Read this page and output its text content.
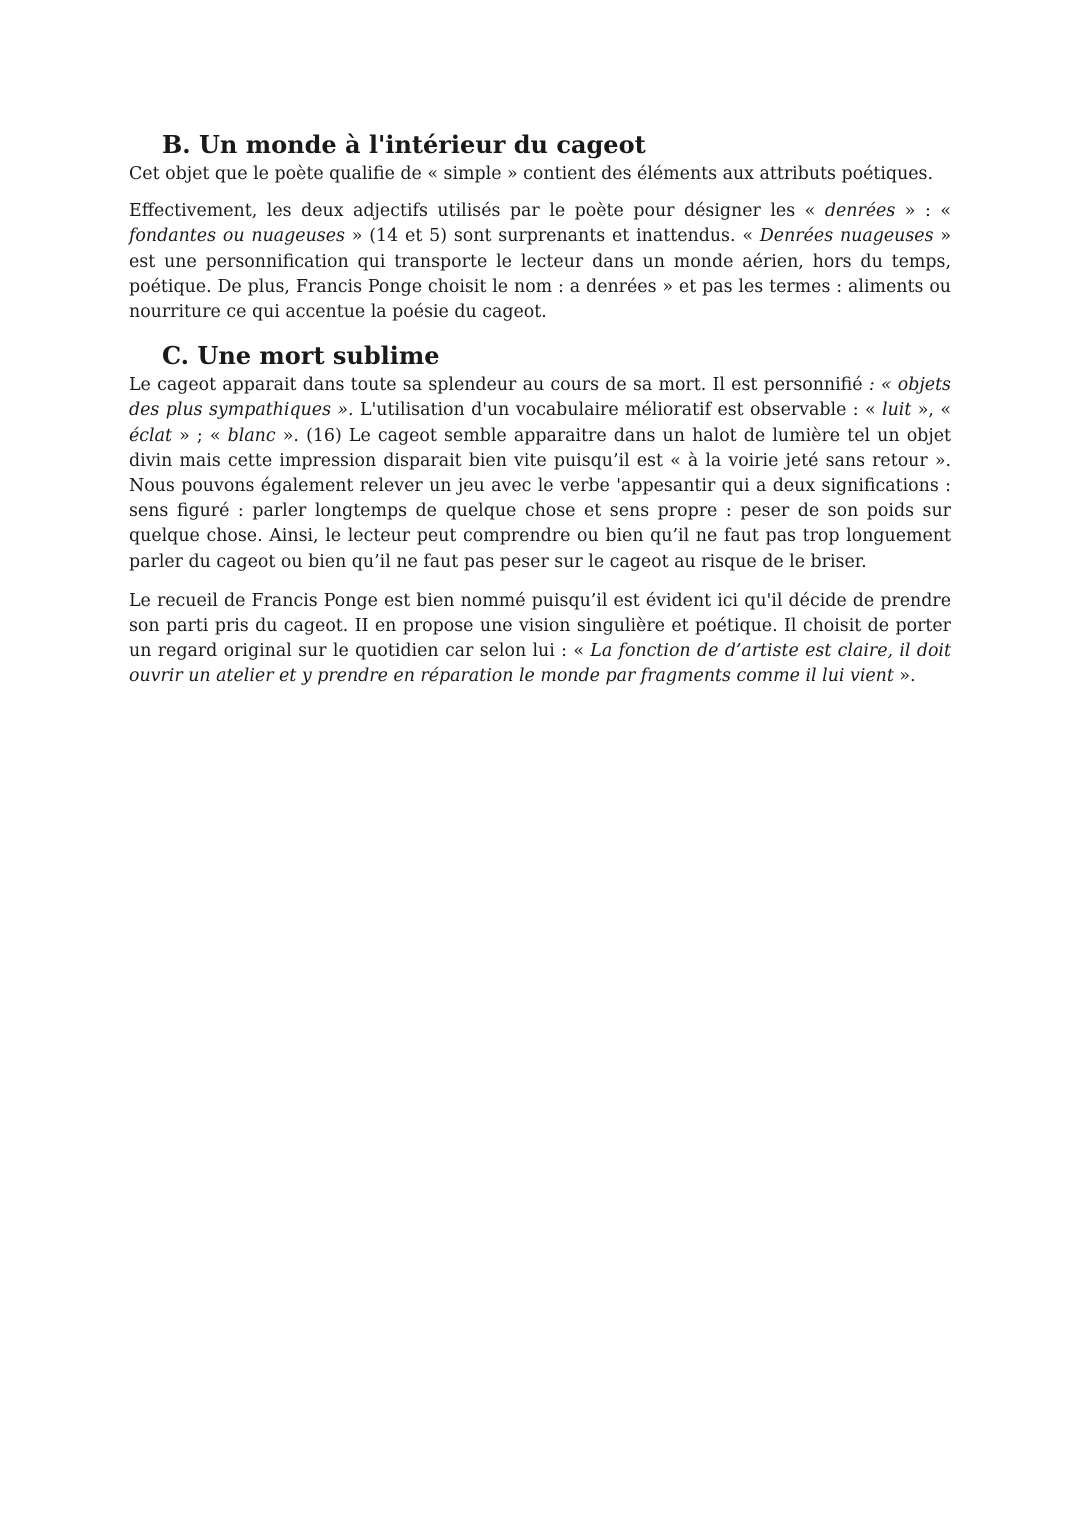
B. Un monde à l'intérieur du cageot

Cet objet que le poète qualifie de « simple » contient des éléments aux attributs poétiques.

Effectivement, les deux adjectifs utilisés par le poète pour désigner les « denrées » : « fondantes ou nuageuses » (14 et 5) sont surprenants et inattendus. « Denrées nuageuses » est une personnification qui transporte le lecteur dans un monde aérien, hors du temps, poétique. De plus, Francis Ponge choisit le nom : a denrées » et pas les termes : aliments ou nourriture ce qui accentue la poésie du cageot.

C. Une mort sublime

Le cageot apparait dans toute sa splendeur au cours de sa mort. Il est personnifié : « objets des plus sympathiques ». L'utilisation d'un vocabulaire mélioratif est observable : « luit », « éclat » ; « blanc ». (16) Le cageot semble apparaitre dans un halot de lumière tel un objet divin mais cette impression disparait bien vite puisqu’il est « à la voirie jeté sans retour ». Nous pouvons également relever un jeu avec le verbe 'appesantir qui a deux significations : sens figuré : parler longtemps de quelque chose et sens propre : peser de son poids sur quelque chose. Ainsi, le lecteur peut comprendre ou bien qu’il ne faut pas trop longuement parler du cageot ou bien qu’il ne faut pas peser sur le cageot au risque de le briser.

Le recueil de Francis Ponge est bien nommé puisqu’il est évident ici qu'il décide de prendre son parti pris du cageot. II en propose une vision singulière et poétique. Il choisit de porter un regard original sur le quotidien car selon lui : « La fonction de d’artiste est claire, il doit ouvrir un atelier et y prendre en réparation le monde par fragments comme il lui vient ».
